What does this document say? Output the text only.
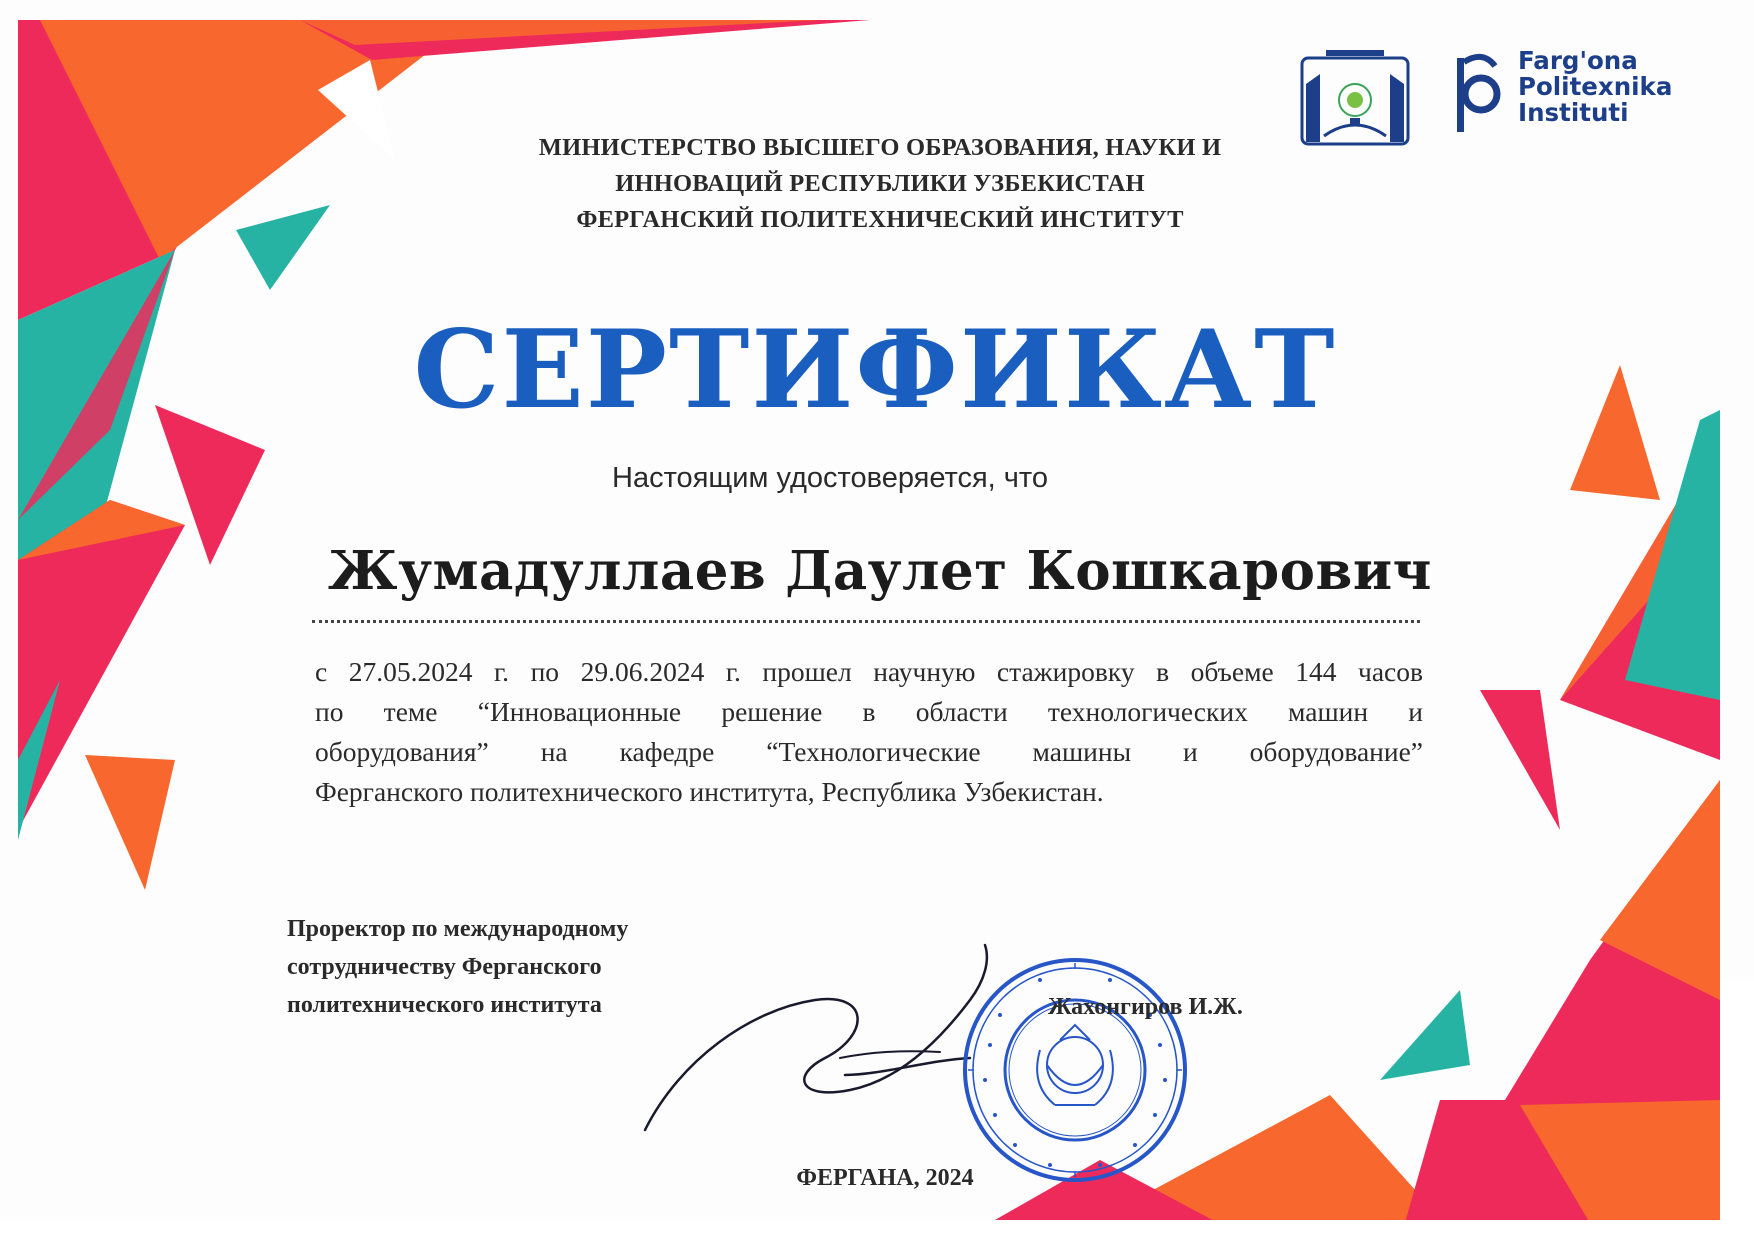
Farg'ona
Politexnika
Instituti
МИНИСТЕРСТВО ВЫСШЕГО ОБРАЗОВАНИЯ, НАУКИ И
ИННОВАЦИЙ РЕСПУБЛИКИ УЗБЕКИСТАН
ФЕРГАНСКИЙ ПОЛИТЕХНИЧЕСКИЙ ИНСТИТУТ
СЕРТИФИКАТ
Настоящим удостоверяется, что
Жумадуллаев Даулет Кошкарович
с 27.05.2024 г. по 29.06.2024 г. прошел научную стажировку в объеме 144 часов
по теме “Инновационные решение в области технологических машин и
оборудования” на кафедре “Технологические машины и оборудование”
Ферганского политехнического института, Республика Узбекистан.
Проректор по международному
сотрудничеству Ферганского
политехнического института	Жахонгиров И.Ж.
ФЕРГАНА, 2024
